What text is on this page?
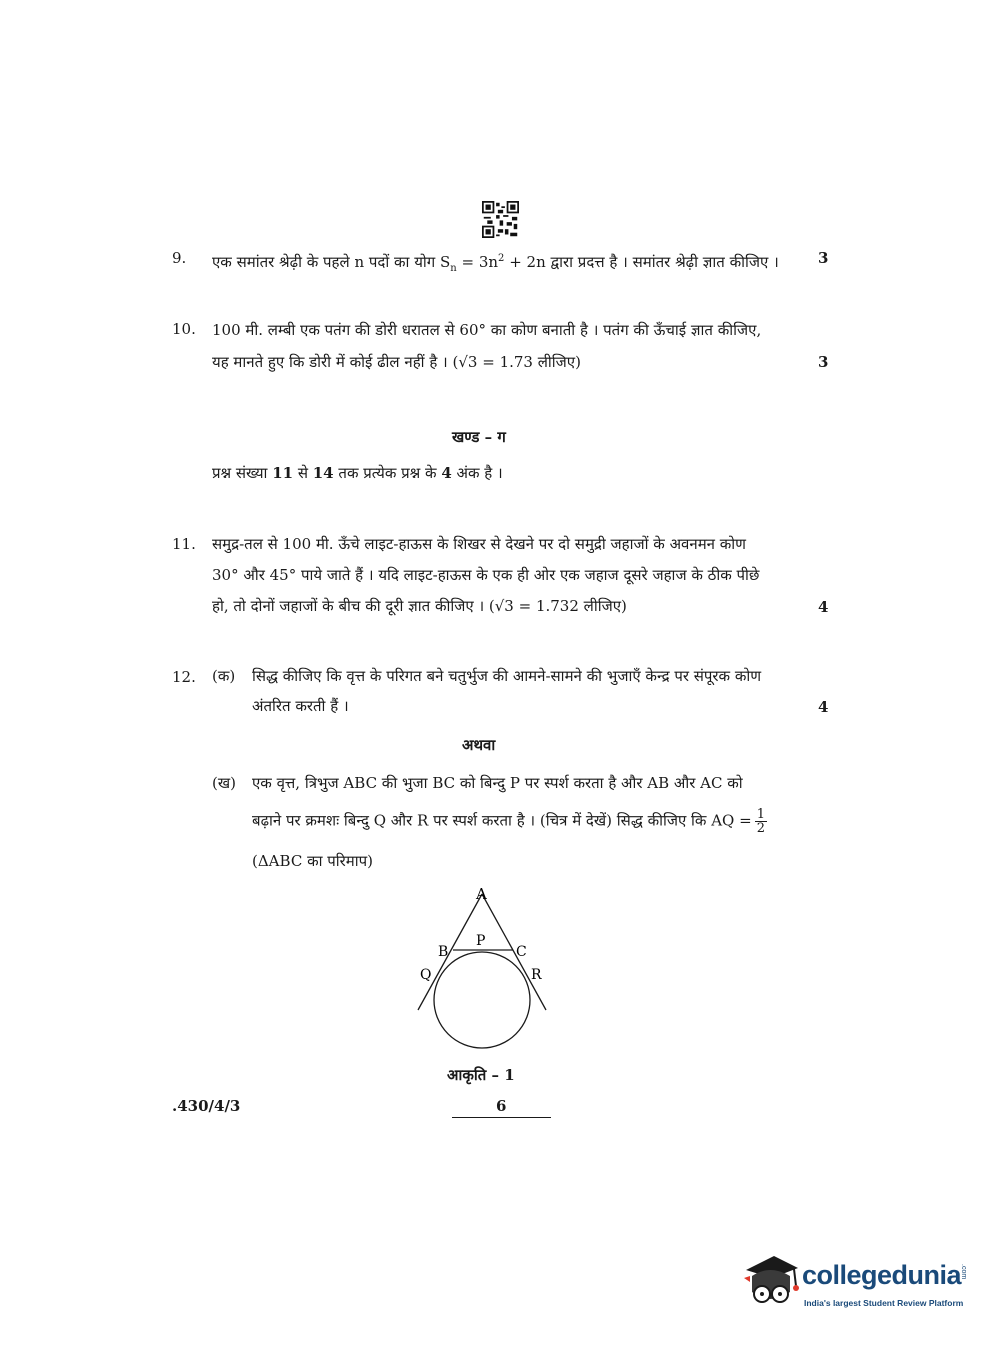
9. एक समांतर श्रेढ़ी के पहले n पदों का योग $S_n = 3n^2 + 2n$ द्वारा प्रदत्त है । समांतर श्रेढ़ी ज्ञात कीजिए ।	3
10. 100 मी. लम्बी एक पतंग की डोरी धरातल से 60° का कोण बनाती है । पतंग की ऊँचाई ज्ञात कीजिए,
यह मानते हुए कि डोरी में कोई ढील नहीं है । (√3 = 1.73 लीजिए)	3
खण्ड – ग
प्रश्न संख्या 11 से 14 तक प्रत्येक प्रश्न के 4 अंक है ।
11. समुद्र-तल से 100 मी. ऊँचे लाइट-हाऊस के शिखर से देखने पर दो समुद्री जहाजों के अवनमन कोण
30° और 45° पाये जाते हैं । यदि लाइट-हाऊस के एक ही ओर एक जहाज दूसरे जहाज के ठीक पीछे
हो, तो दोनों जहाजों के बीच की दूरी ज्ञात कीजिए । (√3 = 1.732 लीजिए)	4
12. (क) सिद्ध कीजिए कि वृत्त के परिगत बने चतुर्भुज की आमने-सामने की भुजाएँ केन्द्र पर संपूरक कोण
अंतरित करती हैं ।	4
अथवा
(ख) एक वृत्त, त्रिभुज ABC की भुजा BC को बिन्दु P पर स्पर्श करता है और AB और AC को
बढ़ाने पर क्रमशः बिन्दु Q और R पर स्पर्श करता है । (चित्र में देखें) सिद्ध कीजिए कि AQ = $\frac{1}{2}$
(ΔABC का परिमाप)
A
P
B	C
Q	R
आकृति – 1
.430/4/3	6
collegedunia
.com
India's largest Student Review Platform
